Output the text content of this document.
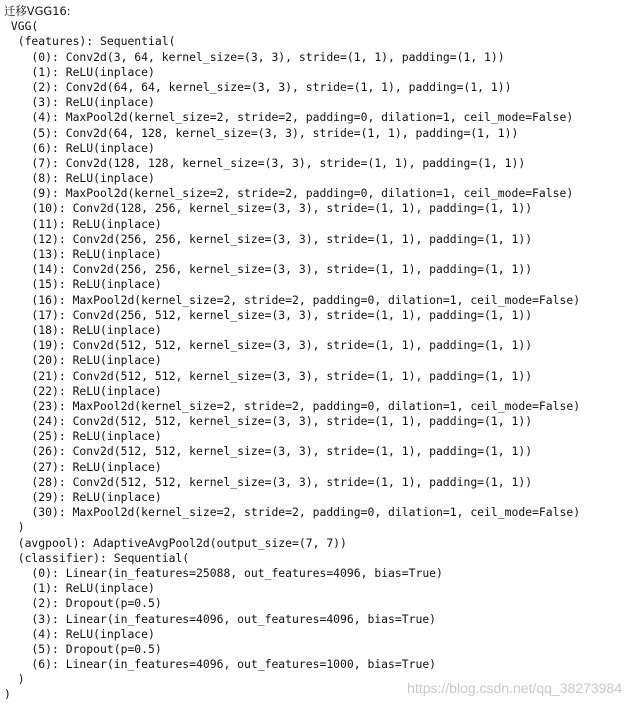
迁移VGG16:
VGG(
(features): Sequential(
(0): Conv2d(3, 64, kernel_size=(3, 3), stride=(1, 1), padding=(1, 1))
(1): ReLU(inplace)
(2): Conv2d(64, 64, kernel_size=(3, 3), stride=(1, 1), padding=(1, 1))
(3): ReLU(inplace)
(4): MaxPool2d(kernel_size=2, stride=2, padding=0, dilation=1, ceil_mode=False)
(5): Conv2d(64, 128, kernel_size=(3, 3), stride=(1, 1), padding=(1, 1))
(6): ReLU(inplace)
(7): Conv2d(128, 128, kernel_size=(3, 3), stride=(1, 1), padding=(1, 1))
(8): ReLU(inplace)
(9): MaxPool2d(kernel_size=2, stride=2, padding=0, dilation=1, ceil_mode=False)
(10): Conv2d(128, 256, kernel_size=(3, 3), stride=(1, 1), padding=(1, 1))
(11): ReLU(inplace)
(12): Conv2d(256, 256, kernel_size=(3, 3), stride=(1, 1), padding=(1, 1))
(13): ReLU(inplace)
(14): Conv2d(256, 256, kernel_size=(3, 3), stride=(1, 1), padding=(1, 1))
(15): ReLU(inplace)
(16): MaxPool2d(kernel_size=2, stride=2, padding=0, dilation=1, ceil_mode=False)
(17): Conv2d(256, 512, kernel_size=(3, 3), stride=(1, 1), padding=(1, 1))
(18): ReLU(inplace)
(19): Conv2d(512, 512, kernel_size=(3, 3), stride=(1, 1), padding=(1, 1))
(20): ReLU(inplace)
(21): Conv2d(512, 512, kernel_size=(3, 3), stride=(1, 1), padding=(1, 1))
(22): ReLU(inplace)
(23): MaxPool2d(kernel_size=2, stride=2, padding=0, dilation=1, ceil_mode=False)
(24): Conv2d(512, 512, kernel_size=(3, 3), stride=(1, 1), padding=(1, 1))
(25): ReLU(inplace)
(26): Conv2d(512, 512, kernel_size=(3, 3), stride=(1, 1), padding=(1, 1))
(27): ReLU(inplace)
(28): Conv2d(512, 512, kernel_size=(3, 3), stride=(1, 1), padding=(1, 1))
(29): ReLU(inplace)
(30): MaxPool2d(kernel_size=2, stride=2, padding=0, dilation=1, ceil_mode=False)
)
(avgpool): AdaptiveAvgPool2d(output_size=(7, 7))
(classifier): Sequential(
(0): Linear(in_features=25088, out_features=4096, bias=True)
(1): ReLU(inplace)
(2): Dropout(p=0.5)
(3): Linear(in_features=4096, out_features=4096, bias=True)
(4): ReLU(inplace)
(5): Dropout(p=0.5)
(6): Linear(in_features=4096, out_features=1000, bias=True)
)
)	https://blog.csdn.net/qq_38273984
